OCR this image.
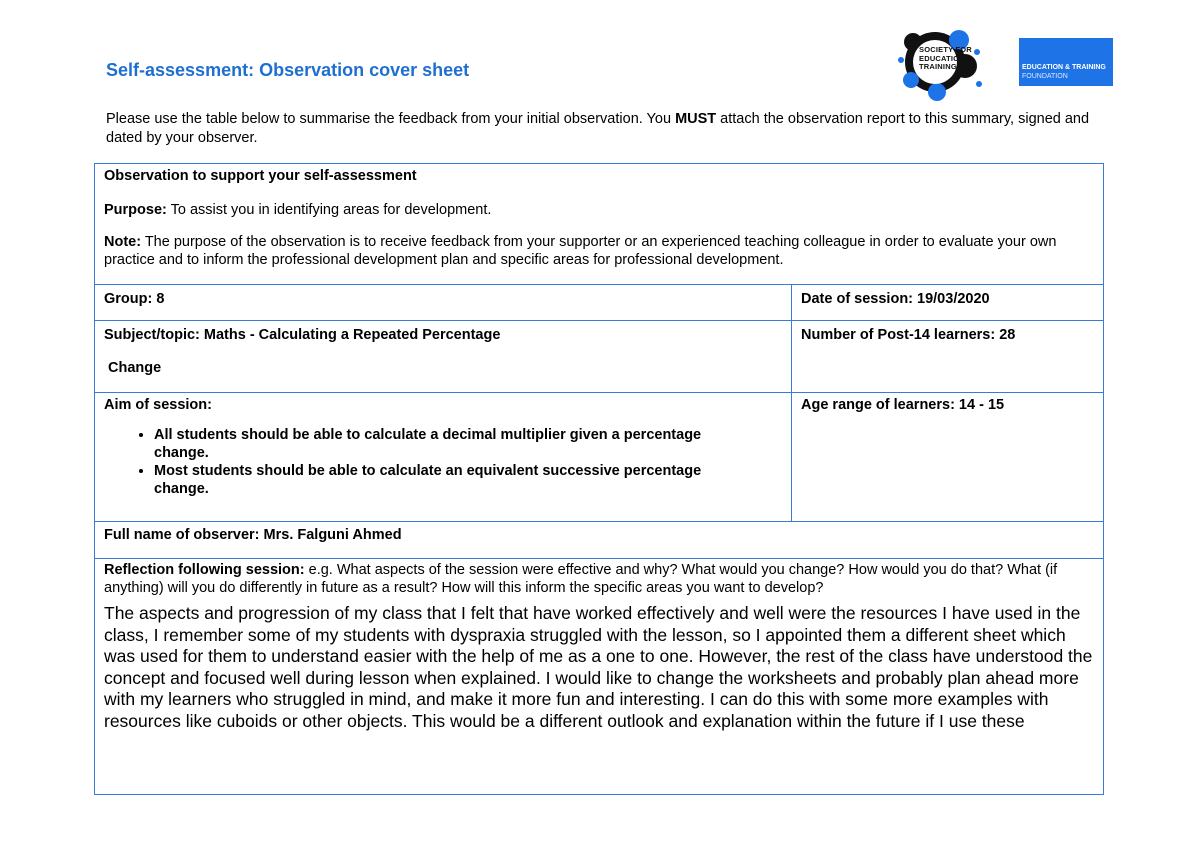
Self-assessment: Observation cover sheet

Please use the table below to summarise the feedback from your initial observation. You MUST attach the observation report to this summary, signed and dated by your observer.

SOCIETY FOR
EDUCATION &
TRAINING	EDUCATION & TRAINING
FOUNDATION

Observation to support your self-assessment

Purpose: To assist you in identifying areas for development.

Note: The purpose of the observation is to receive feedback from your supporter or an experienced teaching colleague in order to evaluate your own practice and to inform the professional development plan and specific areas for professional development.

Group: 8	Date of session: 19/03/2020

Subject/topic: Maths - Calculating a Repeated Percentage

Change

Number of Post-14 learners: 28

Aim of session:

• All students should be able to calculate a decimal multiplier given a percentage change.
• Most students should be able to calculate an equivalent successive percentage change.
Age range of learners: 14 - 15
Full name of observer: Mrs. Falguni Ahmed

Reflection following session: e.g. What aspects of the session were effective and why? What would you change? How would you do that? What (if anything) will you do differently in future as a result? How will this inform the specific areas you want to develop?

The aspects and progression of my class that I felt that have worked effectively and well were the resources I have used in the class, I remember some of my students with dyspraxia struggled with the lesson, so I appointed them a different sheet which was used for them to understand easier with the help of me as a one to one. However, the rest of the class have understood the concept and focused well during lesson when explained. I would like to change the worksheets and probably plan ahead more with my learners who struggled in mind, and make it more fun and interesting. I can do this with some more examples with resources like cuboids or other objects. This would be a different outlook and explanation within the future if I use these
